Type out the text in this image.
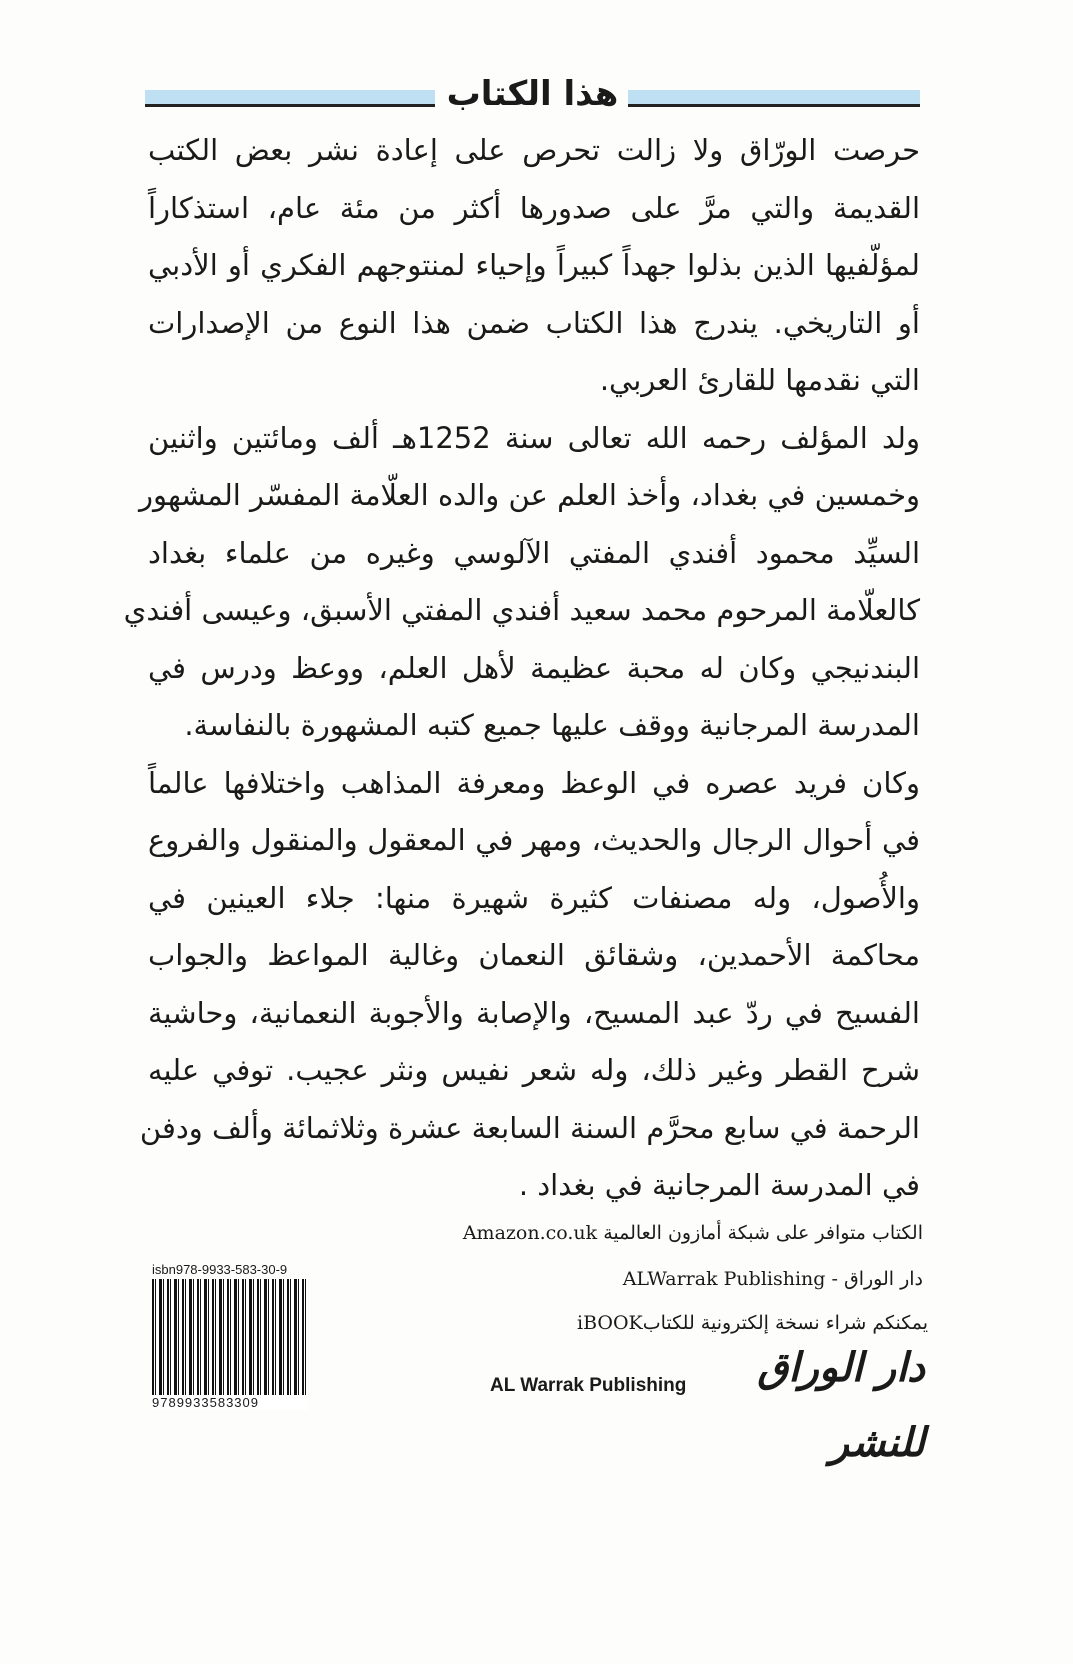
هذا الكتاب
حرصت الورّاق ولا زالت تحرص على إعادة نشر بعض الكتب
القديمة والتي مرَّ على صدورها أكثر من مئة عام، استذكاراً
لمؤلّفيها الذين بذلوا جهداً كبيراً وإحياء لمنتوجهم الفكري أو الأدبي
أو التاريخي. يندرج هذا الكتاب ضمن هذا النوع من الإصدارات
التي نقدمها للقارئ العربي.
ولد المؤلف رحمه الله تعالى سنة 1252هـ ألف ومائتين واثنين
وخمسين في بغداد، وأخذ العلم عن والده العلّامة المفسّر المشهور
السيِّد محمود أفندي المفتي الآلوسي وغيره من علماء بغداد
كالعلّامة المرحوم محمد سعيد أفندي المفتي الأسبق، وعيسى أفندي
البندنيجي وكان له محبة عظيمة لأهل العلم، ووعظ ودرس في
المدرسة المرجانية ووقف عليها جميع كتبه المشهورة بالنفاسة.
وكان فريد عصره في الوعظ ومعرفة المذاهب واختلافها عالماً
في أحوال الرجال والحديث، ومهر في المعقول والمنقول والفروع
والأُصول، وله مصنفات كثيرة شهيرة منها: جلاء العينين في
محاكمة الأحمدين، وشقائق النعمان وغالية المواعظ والجواب
الفسيح في ردّ عبد المسيح، والإصابة والأجوبة النعمانية، وحاشية
شرح القطر وغير ذلك، وله شعر نفيس ونثر عجيب. توفي عليه
الرحمة في سابع محرَّم السنة السابعة عشرة وثلاثمائة وألف ودفن
في المدرسة المرجانية في بغداد .
الكتاب متوافر على شبكة أمازون العالمية Amazon.co.uk
دار الوراق - ALWarrak Publishing
يمكنكم شراء نسخة إلكترونية للكتابiBOOK
isbn978-9933-583-30-9
9789933583309
دار الوراق للنشر
AL Warrak Publishing
